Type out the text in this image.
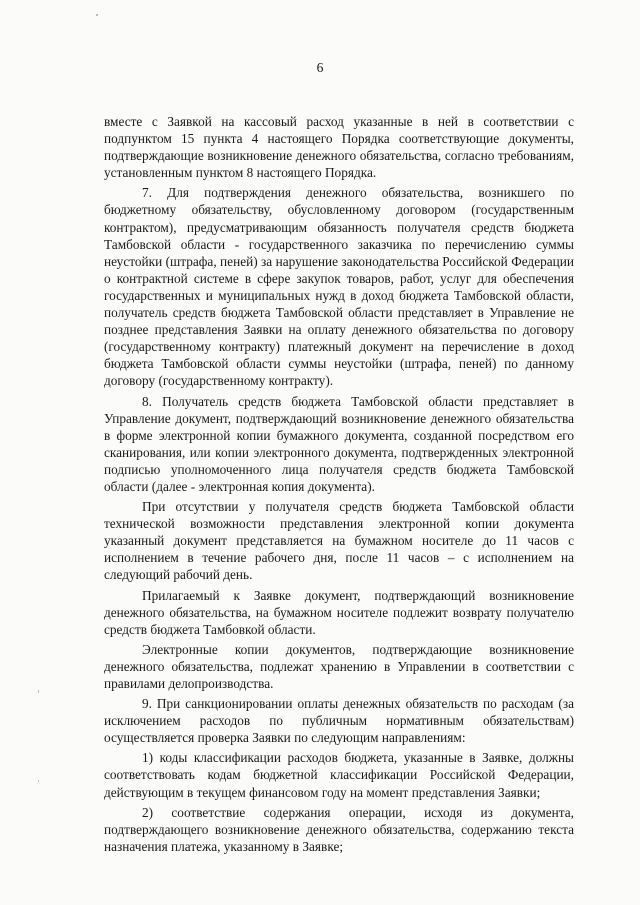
6

вместе с Заявкой на кассовый расход указанные в ней в соответствии с подпунктом 15 пункта 4 настоящего Порядка соответствующие документы, подтверждающие возникновение денежного обязательства, согласно требованиям, установленным пунктом 8 настоящего Порядка.

7. Для подтверждения денежного обязательства, возникшего по бюджетному обязательству, обусловленному договором (государственным контрактом), предусматривающим обязанность получателя средств бюджета Тамбовской области - государственного заказчика по перечислению суммы неустойки (штрафа, пеней) за нарушение законодательства Российской Федерации о контрактной системе в сфере закупок товаров, работ, услуг для обеспечения государственных и муниципальных нужд в доход бюджета Тамбовской области, получатель средств бюджета Тамбовской области представляет в Управление не позднее представления Заявки на оплату денежного обязательства по договору (государственному контракту) платежный документ на перечисление в доход бюджета Тамбовской области суммы неустойки (штрафа, пеней) по данному договору (государственному контракту).

8. Получатель средств бюджета Тамбовской области представляет в Управление документ, подтверждающий возникновение денежного обязательства в форме электронной копии бумажного документа, созданной посредством его сканирования, или копии электронного документа, подтвержденных электронной подписью уполномоченного лица получателя средств бюджета Тамбовской области (далее - электронная копия документа).

При отсутствии у получателя средств бюджета Тамбовской области технической возможности представления электронной копии документа указанный документ представляется на бумажном носителе до 11 часов с исполнением в течение рабочего дня, после 11 часов – с исполнением на следующий рабочий день.

Прилагаемый к Заявке документ, подтверждающий возникновение денежного обязательства, на бумажном носителе подлежит возврату получателю средств бюджета Тамбовкой области.

Электронные копии документов, подтверждающие возникновение денежного обязательства, подлежат хранению в Управлении в соответствии с правилами делопроизводства.

9. При санкционировании оплаты денежных обязательств по расходам (за исключением расходов по публичным нормативным обязательствам) осуществляется проверка Заявки по следующим направлениям:

1) коды классификации расходов бюджета, указанные в Заявке, должны соответствовать кодам бюджетной классификации Российской Федерации, действующим в текущем финансовом году на момент представления Заявки;

2) соответствие содержания операции, исходя из документа, подтверждающего возникновение денежного обязательства, содержанию текста назначения платежа, указанному в Заявке;
